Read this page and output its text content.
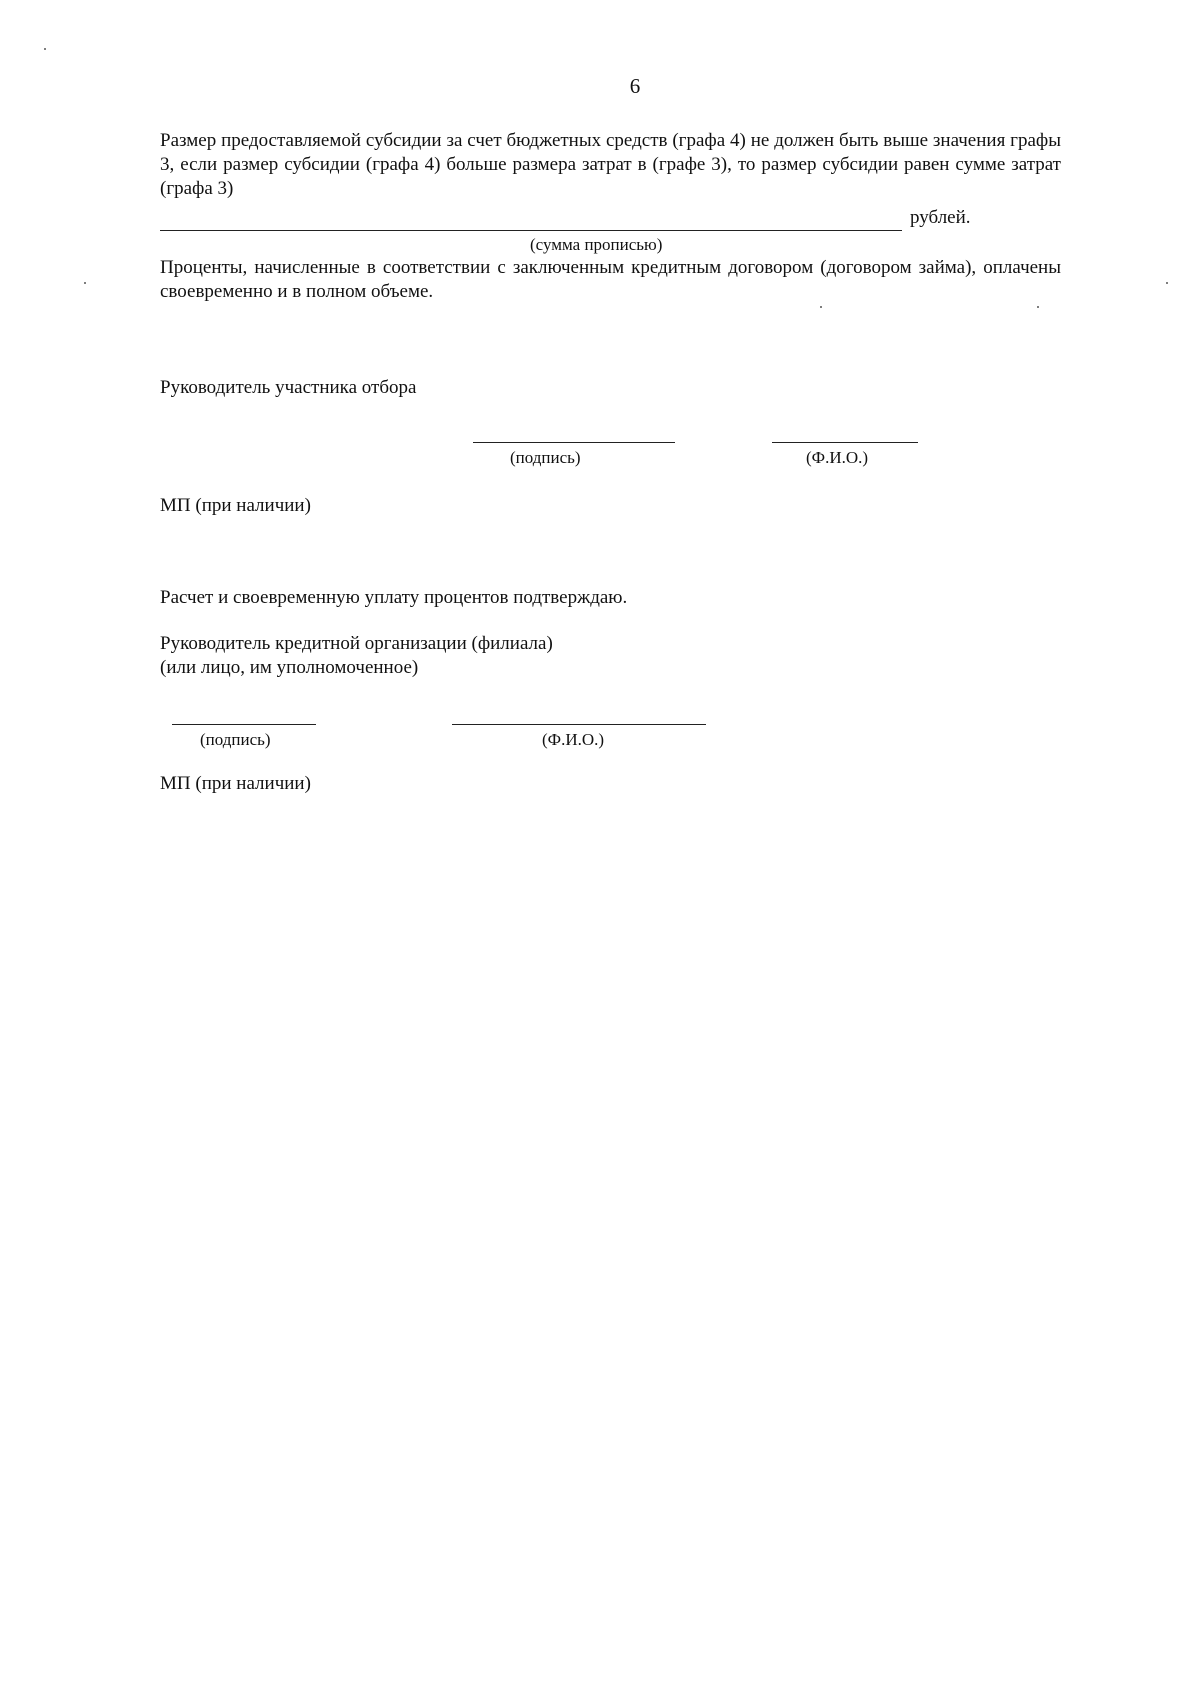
6
Размер предоставляемой субсидии за счет бюджетных средств (графа 4) не должен быть выше значения графы 3, если размер субсидии (графа 4) больше размера затрат в (графе 3), то размер субсидии равен сумме затрат (графа 3)
рублей.
(сумма прописью)
Проценты, начисленные в соответствии с заключенным кредитным договором (договором займа), оплачены своевременно и в полном объеме.
Руководитель участника отбора
(подпись)	(Ф.И.О.)
МП (при наличии)
Расчет и своевременную уплату процентов подтверждаю.
Руководитель кредитной организации (филиала)
(или лицо, им уполномоченное)
(подпись)	(Ф.И.О.)
МП (при наличии)
